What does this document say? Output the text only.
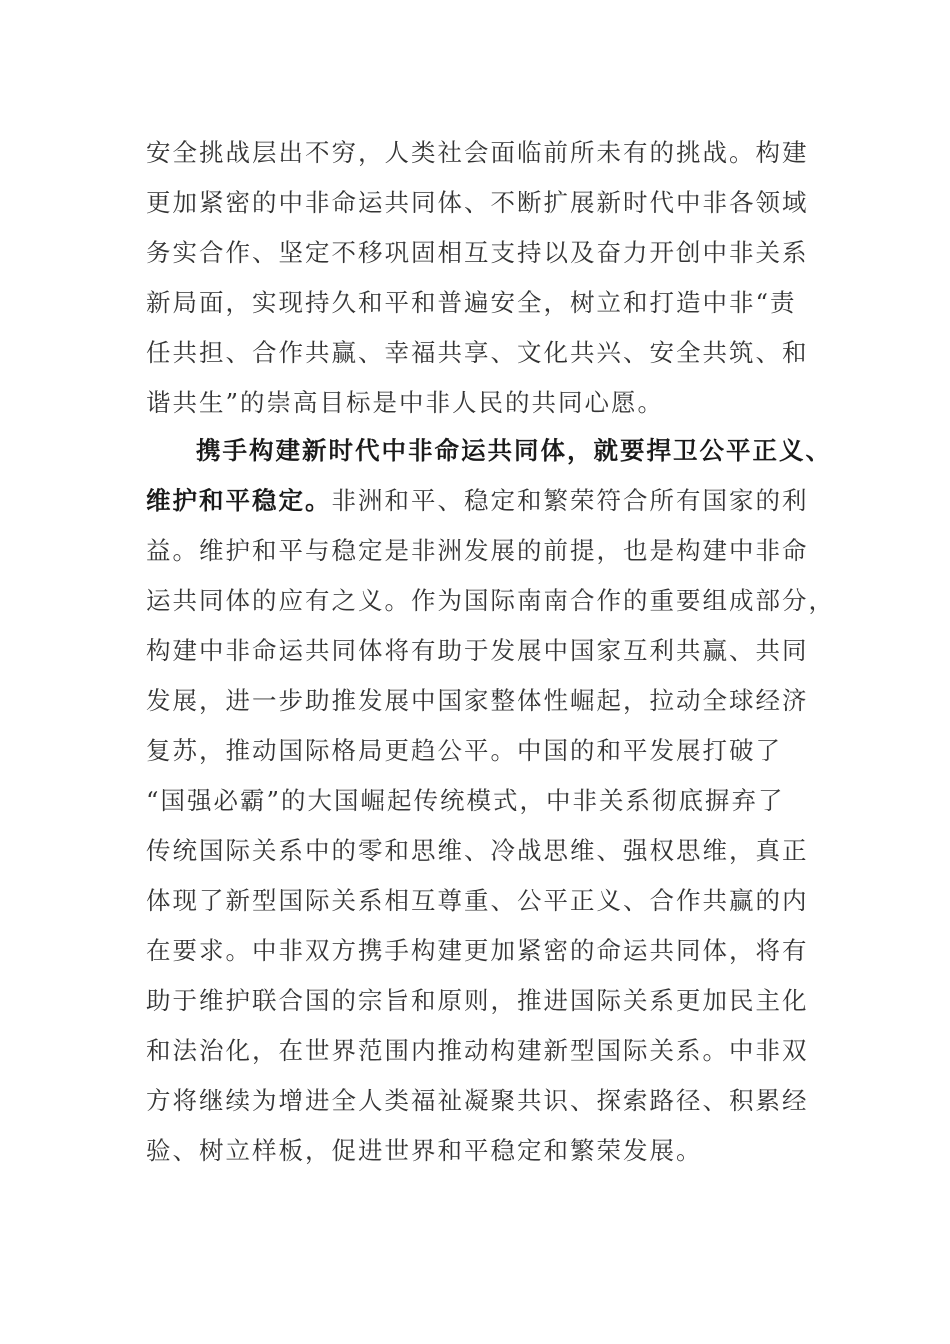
安全挑战层出不穷，人类社会面临前所未有的挑战。构建
更加紧密的中非命运共同体、不断扩展新时代中非各领域
务实合作、坚定不移巩固相互支持以及奋力开创中非关系
新局面，实现持久和平和普遍安全，树立和打造中非“责
任共担、合作共赢、幸福共享、文化共兴、安全共筑、和
谐共生”的崇高目标是中非人民的共同心愿。
携手构建新时代中非命运共同体，就要捍卫公平正义、
维护和平稳定。非洲和平、稳定和繁荣符合所有国家的利
益。维护和平与稳定是非洲发展的前提，也是构建中非命
运共同体的应有之义。作为国际南南合作的重要组成部分，
构建中非命运共同体将有助于发展中国家互利共赢、共同
发展，进一步助推发展中国家整体性崛起，拉动全球经济
复苏，推动国际格局更趋公平。中国的和平发展打破了
“国强必霸”的大国崛起传统模式，中非关系彻底摒弃了
传统国际关系中的零和思维、冷战思维、强权思维，真正
体现了新型国际关系相互尊重、公平正义、合作共赢的内
在要求。中非双方携手构建更加紧密的命运共同体，将有
助于维护联合国的宗旨和原则，推进国际关系更加民主化
和法治化，在世界范围内推动构建新型国际关系。中非双
方将继续为增进全人类福祉凝聚共识、探索路径、积累经
验、树立样板，促进世界和平稳定和繁荣发展。
